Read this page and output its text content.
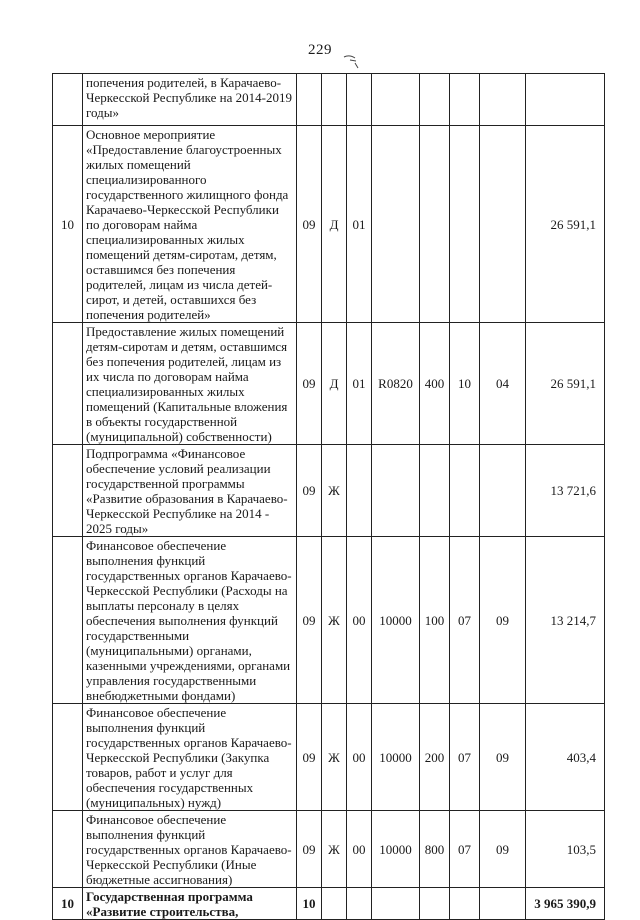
229
	попечения родителей, в Карачаево-Черкесской Республике на 2014-2019 годы»								
10	Основное мероприятие «Предоставление благоустроенных жилых помещений специализированного государственного жилищного фонда Карачаево-Черкесской Республики по договорам найма специализированных жилых помещений детям-сиротам, детям, оставшимся без попечения родителей, лицам из числа детей-сирот, и детей, оставшихся без попечения родителей»	09	Д	01					26 591,1
	Предоставление жилых помещений детям-сиротам и детям, оставшимся без попечения родителей, лицам из их числа по договорам найма специализированных жилых помещений (Капитальные вложения в объекты государственной (муниципальной) собственности)	09	Д	01	R0820	400	10	04	26 591,1
	Подпрограмма «Финансовое обеспечение условий реализации государственной программы «Развитие образования в Карачаево-Черкесской Республике на 2014 - 2025 годы»	09	Ж						13 721,6
	Финансовое обеспечение выполнения функций государственных органов Карачаево-Черкесской Республики (Расходы на выплаты персоналу в целях обеспечения выполнения функций государственными (муниципальными) органами, казенными учреждениями, органами управления государственными внебюджетными фондами)	09	Ж	00	10000	100	07	09	13 214,7
	Финансовое обеспечение выполнения функций государственных органов Карачаево-Черкесской Республики (Закупка товаров, работ и услуг для обеспечения государственных (муниципальных) нужд)	09	Ж	00	10000	200	07	09	403,4
	Финансовое обеспечение выполнения функций государственных органов Карачаево-Черкесской Республики (Иные бюджетные ассигнования)	09	Ж	00	10000	800	07	09	103,5
10	Государственная программа «Развитие строительства,	10							3 965 390,9
